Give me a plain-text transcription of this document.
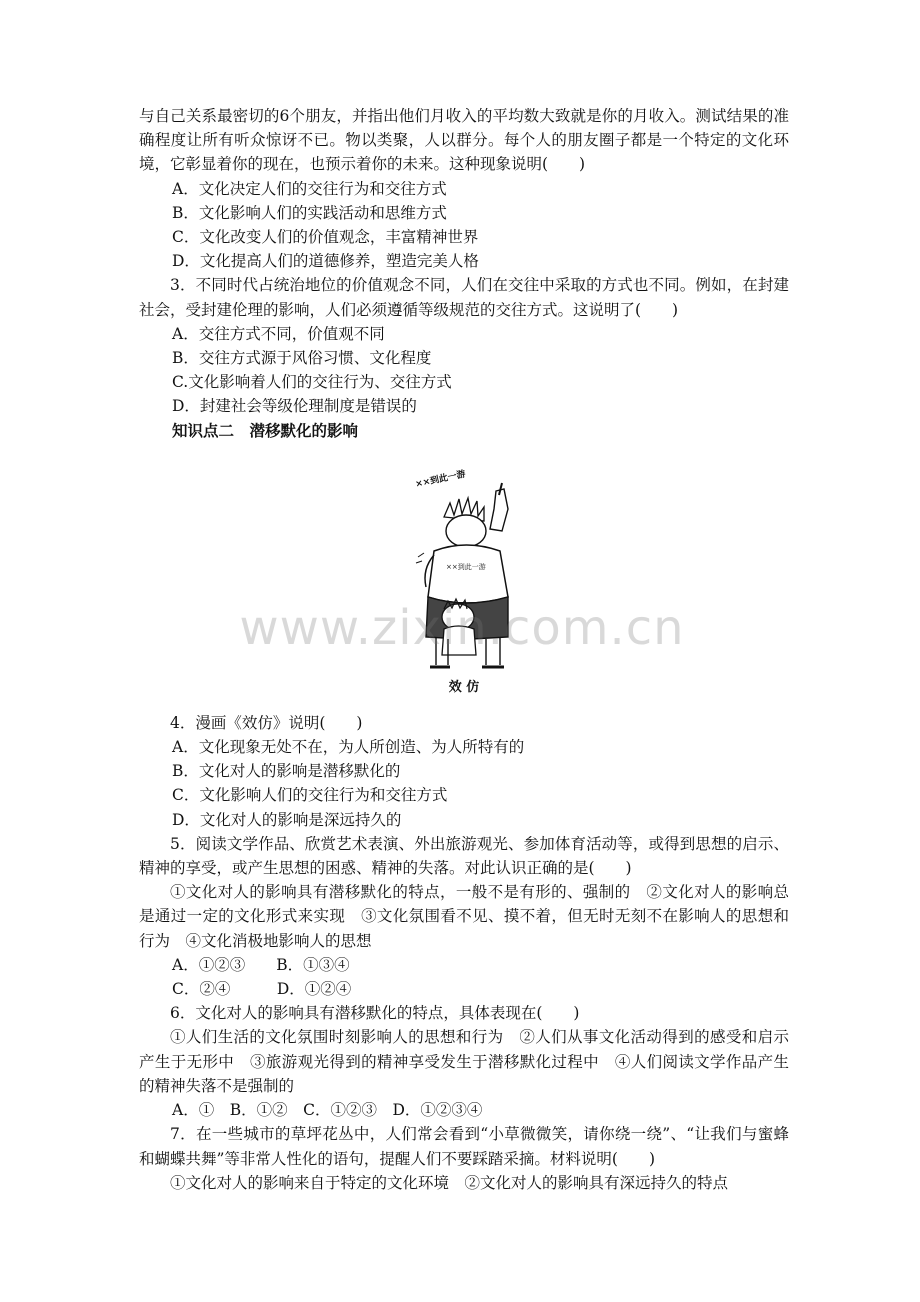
与自己关系最密切的6个朋友，并指出他们月收入的平均数大致就是你的月收入。测试结果的准确程度让所有听众惊讶不已。物以类聚，人以群分。每个人的朋友圈子都是一个特定的文化环境，它彰显着你的现在，也预示着你的未来。这种现象说明(　　)

A．文化决定人们的交往行为和交往方式

B．文化影响人们的实践活动和思维方式

C．文化改变人们的价值观念，丰富精神世界

D．文化提高人们的道德修养，塑造完美人格

3．不同时代占统治地位的价值观念不同，人们在交往中采取的方式也不同。例如，在封建社会，受封建伦理的影响，人们必须遵循等级规范的交往方式。这说明了(　　)

A．交往方式不同，价值观不同

B．交往方式源于风俗习惯、文化程度

C.文化影响着人们的交往行为、交往方式

D．封建社会等级伦理制度是错误的

知识点二　潜移默化的影响

××到此一游
××到此一游
效 仿

4．漫画《效仿》说明(　　)

A．文化现象无处不在，为人所创造、为人所特有的

B．文化对人的影响是潜移默化的

C．文化影响人们的交往行为和交往方式

D．文化对人的影响是深远持久的

5．阅读文学作品、欣赏艺术表演、外出旅游观光、参加体育活动等，或得到思想的启示、精神的享受，或产生思想的困惑、精神的失落。对此认识正确的是(　　)

①文化对人的影响具有潜移默化的特点，一般不是有形的、强制的　②文化对人的影响总是通过一定的文化形式来实现　③文化氛围看不见、摸不着，但无时无刻不在影响人的思想和行为　④文化消极地影响人的思想

A．①②③　　B．①③④

C．②④　　　D．①②④

6．文化对人的影响具有潜移默化的特点，具体表现在(　　)

①人们生活的文化氛围时刻影响人的思想和行为　②人们从事文化活动得到的感受和启示产生于无形中　③旅游观光得到的精神享受发生于潜移默化过程中　④人们阅读文学作品产生的精神失落不是强制的

A．①　B．①②　C．①②③　D．①②③④

7．在一些城市的草坪花丛中，人们常会看到“小草微微笑，请你绕一绕”、“让我们与蜜蜂和蝴蝶共舞”等非常人性化的语句，提醒人们不要踩踏采摘。材料说明(　　)

①文化对人的影响来自于特定的文化环境　②文化对人的影响具有深远持久的特点

www.zixin.com.cn
